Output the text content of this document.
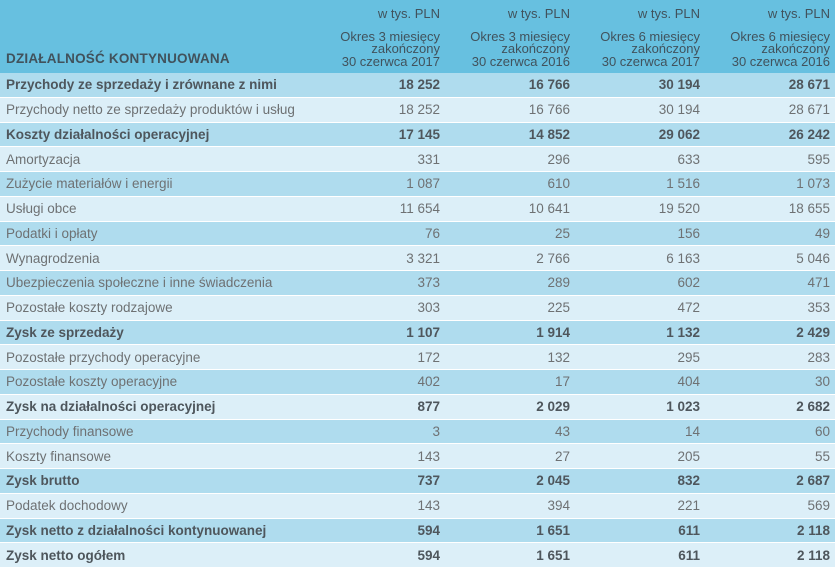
DZIAŁALNOŚĆ KONTYNUOWANA
w tys. PLN
Okres 3 miesięcy
zakończony
30 czerwca 2017
w tys. PLN
Okres 3 miesięcy
zakończony
30 czerwca 2016
w tys. PLN
Okres 6 miesięcy
zakończony
30 czerwca 2017
w tys. PLN
Okres 6 miesięcy
zakończony
30 czerwca 2016
Przychody ze sprzedaży i zrównane z nimi	18 252	16 766	30 194	28 671
Przychody netto ze sprzedaży produktów i usług	18 252	16 766	30 194	28 671
Koszty działalności operacyjnej	17 145	14 852	29 062	26 242
Amortyzacja	331	296	633	595
Zużycie materiałów i energii	1 087	610	1 516	1 073
Usługi obce	11 654	10 641	19 520	18 655
Podatki i opłaty	76	25	156	49
Wynagrodzenia	3 321	2 766	6 163	5 046
Ubezpieczenia społeczne i inne świadczenia	373	289	602	471
Pozostałe koszty rodzajowe	303	225	472	353
Zysk ze sprzedaży	1 107	1 914	1 132	2 429
Pozostałe przychody operacyjne	172	132	295	283
Pozostałe koszty operacyjne	402	17	404	30
Zysk na działalności operacyjnej	877	2 029	1 023	2 682
Przychody finansowe	3	43	14	60
Koszty finansowe	143	27	205	55
Zysk brutto	737	2 045	832	2 687
Podatek dochodowy	143	394	221	569
Zysk netto z działalności kontynuowanej	594	1 651	611	2 118
Zysk netto ogółem	594	1 651	611	2 118
